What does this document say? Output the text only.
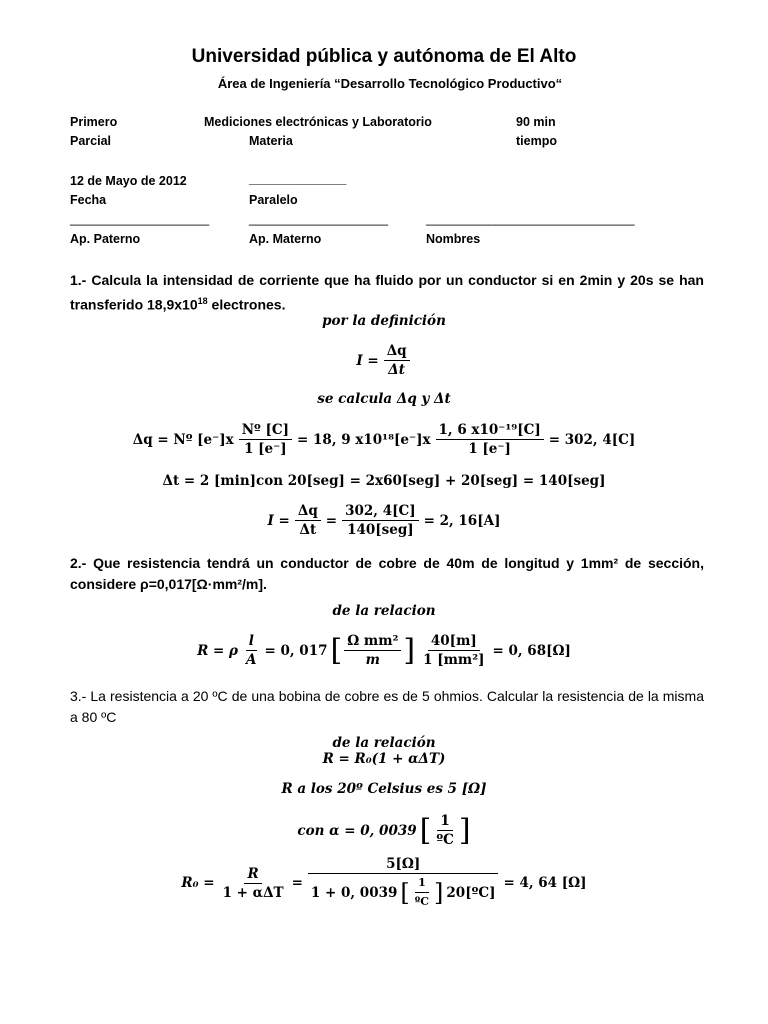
Universidad pública y autónoma de El Alto
Área de Ingeniería “Desarrollo Tecnológico Productivo“
Primero	Mediciones electrónicas y Laboratorio	90 min
Parcial	Materia	tiempo
12 de Mayo de 2012	______________
Fecha	Paralelo
____________________	____________________	______________________________
Ap. Paterno	Ap. Materno	Nombres
1.- Calcula la intensidad de corriente que ha fluido por un conductor si en 2min y 20s se han transferido $18,9x10^{18}$ electrones.
por la definición
$I = \frac{\Delta q}{\Delta t}$
se calcula Δq y Δt
Δq = Nº $[e^-]x \frac{\text{Nº [C]}}{1 [e^-]} = 18$, 9 $x10^{18}[e^-]x \frac{\text{1, 6 x10⁻¹⁹[C]}}{1 [e^-]} = 302$, 4[C]
Δt = 2 [min]con 20[seg] = 2x60[seg] + 20[seg] = 140[seg]
$I = \frac{\Delta q}{\Delta t} = \frac{302, 4[C]}{\text{140[seg]}} = 2$, 16[A]
2.- Que resistencia tendrá un conductor de cobre de 40m de longitud y 1mm² de sección, considere ρ=0,017[Ω·mm²/m].
de la relacion
R = ρ $\frac{l}{A} = 0$, 017 [ $\frac{\text{Ω mm²}}{m}$ ] $\frac{40[m]}{\text{1 [mm²]}} = 0$, 68[Ω]
3.- La resistencia a 20 ºC de una bobina de cobre es de 5 ohmios. Calcular la resistencia de la misma a 80 ºC
de la relación
R = R₀(1 + αΔT)
R a los 20º Celsius es 5 [Ω]
con α = 0, 0039 [ $\frac{1}{\text{ºC}}$ ]
$R_0 = \frac{R}{\text{1 + αΔT}}$ =
5[Ω]
1 + 0, 0039 [ $\frac{1}{\text{ºC}}$ ] 20[ºC]
= 4, 64 [Ω]
